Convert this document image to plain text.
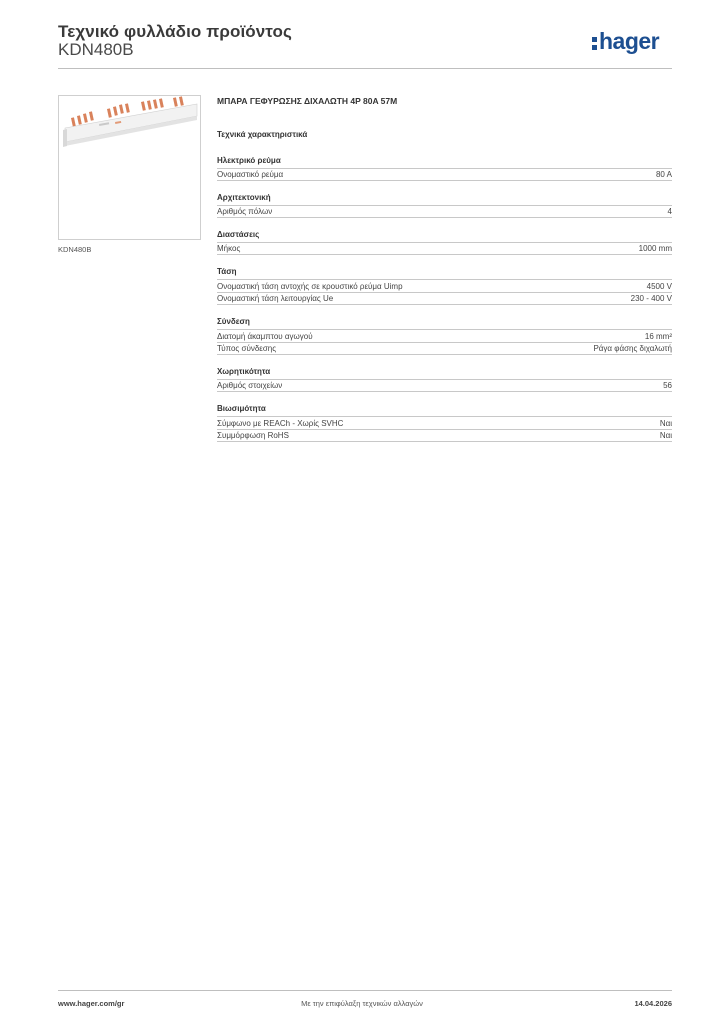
Τεχνικό φυλλάδιο προϊόντος
KDN480B	hager
KDN480B
ΜΠΑΡΑ ΓΕΦΥΡΩΣΗΣ ΔΙΧΑΛΩΤΗ 4P 80A 57M
Τεχνικά χαρακτηριστικά
Ηλεκτρικό ρεύμα
Ονομαστικό ρεύμα	80 A
Αρχιτεκτονική
Αριθμός πόλων	4
Διαστάσεις
Μήκος	1000 mm
Τάση
Ονομαστική τάση αντοχής σε κρουστικό ρεύμα Uimp	4500 V
Ονομαστική τάση λειτουργίας Ue	230 - 400 V
Σύνδεση
Διατομή άκαμπτου αγωγού	16 mm²
Τύπος σύνδεσης	Ράγα φάσης διχαλωτή
Χωρητικότητα
Αριθμός στοιχείων	56
Βιωσιμότητα
Σύμφωνο με REACh - Χωρίς SVHC	Ναι
Συμμόρφωση RoHS	Ναι
www.hager.com/gr	Με την επιφύλαξη τεχνικών αλλαγών	14.04.2026
